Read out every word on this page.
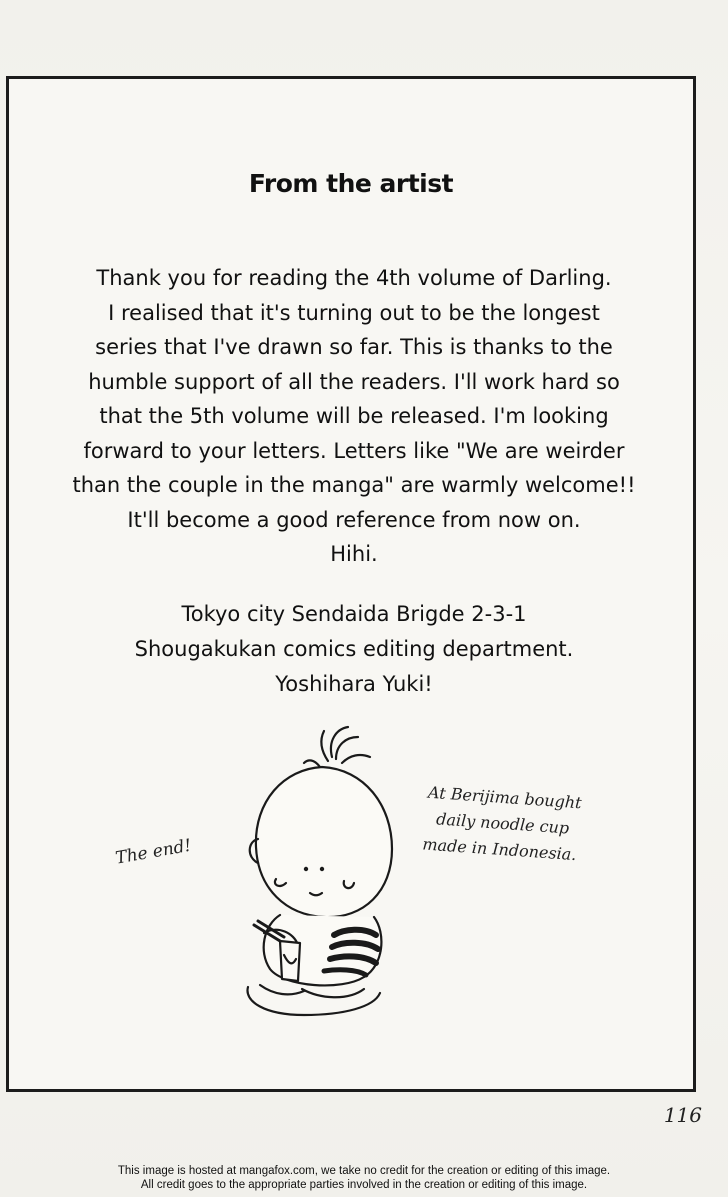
From the artist
Thank you for reading the 4th volume of Darling.
I realised that it's turning out to be the longest
series that I've drawn so far. This is thanks to the
humble support of all the readers. I'll work hard so
that the 5th volume will be released. I'm looking
forward to your letters. Letters like "We are weirder
than the couple in the manga" are warmly welcome!!
It'll become a good reference from now on.
Hihi.
Tokyo city Sendaida Brigde 2-3-1
Shougakukan comics editing department.
Yoshihara Yuki!
The end!
At Berijima bought
daily noodle cup
made in Indonesia.
116
This image is hosted at mangafox.com, we take no credit for the creation or editing of this image.
All credit goes to the appropriate parties involved in the creation or editing of this image.
